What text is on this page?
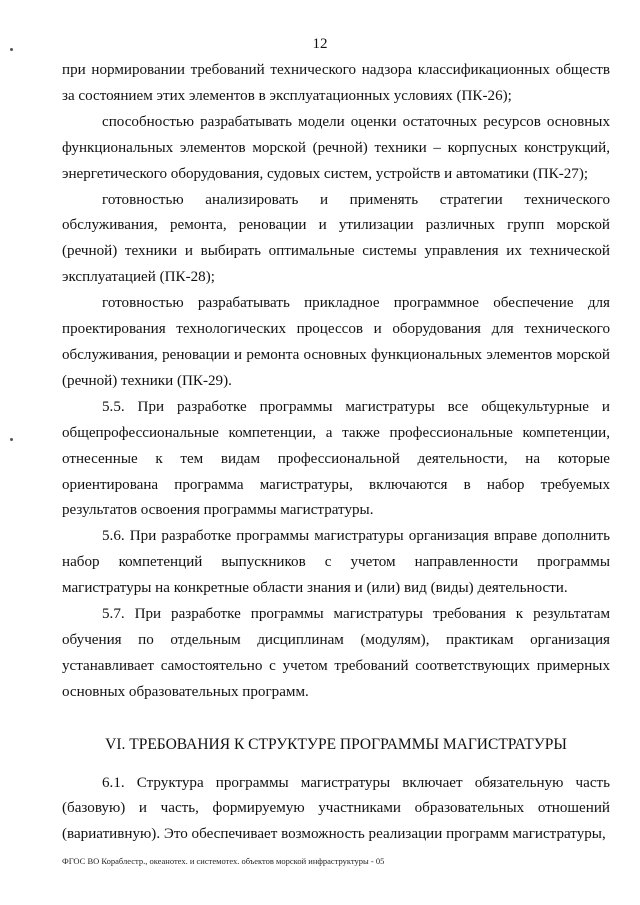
12

при нормировании требований технического надзора классификационных обществ за состоянием этих элементов в эксплуатационных условиях (ПК-26);

способностью разрабатывать модели оценки остаточных ресурсов основных функциональных элементов морской (речной) техники – корпусных конструкций, энергетического оборудования, судовых систем, устройств и автоматики (ПК-27);

готовностью анализировать и применять стратегии технического обслуживания, ремонта, реновации и утилизации различных групп морской (речной) техники и выбирать оптимальные системы управления их технической эксплуатацией (ПК-28);

готовностью разрабатывать прикладное программное обеспечение для проектирования технологических процессов и оборудования для технического обслуживания, реновации и ремонта основных функциональных элементов морской (речной) техники (ПК-29).

5.5. При разработке программы магистратуры все общекультурные и общепрофессиональные компетенции, а также профессиональные компетенции, отнесенные к тем видам профессиональной деятельности, на которые ориентирована программа магистратуры, включаются в набор требуемых результатов освоения программы магистратуры.

5.6. При разработке программы магистратуры организация вправе дополнить набор компетенций выпускников с учетом направленности программы магистратуры на конкретные области знания и (или) вид (виды) деятельности.

5.7. При разработке программы магистратуры требования к результатам обучения по отдельным дисциплинам (модулям), практикам организация устанавливает самостоятельно с учетом требований соответствующих примерных основных образовательных программ.

VI. ТРЕБОВАНИЯ К СТРУКТУРЕ ПРОГРАММЫ МАГИСТРАТУРЫ

6.1. Структура программы магистратуры включает обязательную часть (базовую) и часть, формируемую участниками образовательных отношений (вариативную). Это обеспечивает возможность реализации программ магистратуры,

ФГОС ВО Кораблестр., океанотех. и системотех. объектов морской инфраструктуры - 05
